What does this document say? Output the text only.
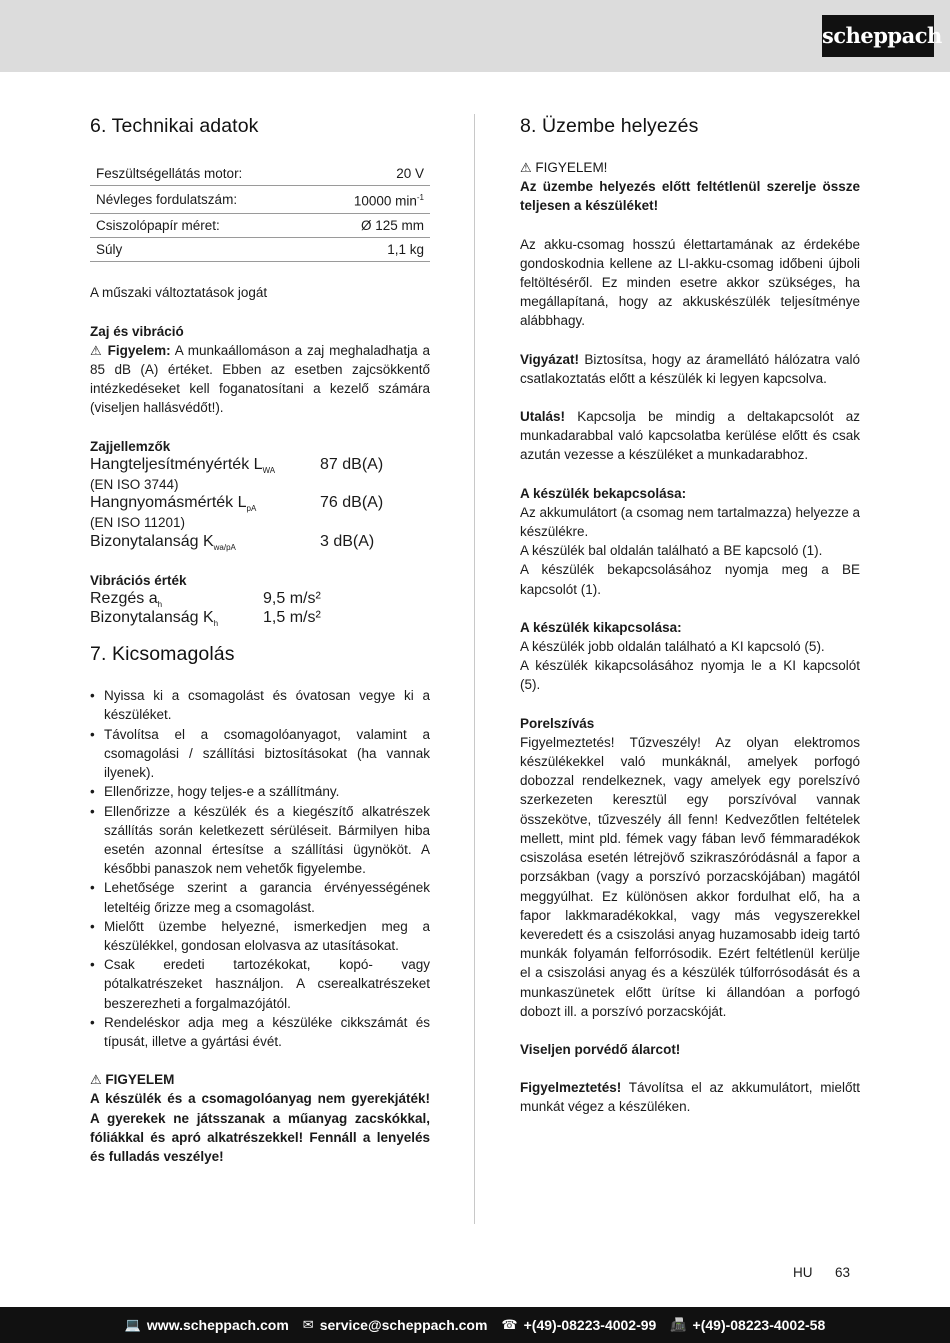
scheppach
6. Technikai adatok
Feszültségellátás motor:	20 V
Névleges fordulatszám:	10000 $\min^{-1}$
Csiszolópapír méret:	Ø 125 mm
Súly	1,1 kg

A műszaki változtatások jogát

Zaj és vibráció

⚠ Figyelem: A munkaállomáson a zaj meghaladhatja a 85 dB (A) értéket. Ebben az esetben zajcsökkentő intézkedéseket kell foganatosítani a kezelő számára (viseljen hallásvédőt!).

Zajjellemzők

Hangteljesítményérték $L_{WA}$	87 dB(A)

(EN ISO 3744)

Hangnyomásmérték $L_{pA}$	76 dB(A)

(EN ISO 11201)

Bizonytalanság $K_{wa/pA}$	3 dB(A)

Vibrációs érték

Rezgés $a_h$	9,5 m/s²
Bizonytalanság $K_h$	1,5 m/s²
7. Kicsomagolás
• Nyissa ki a csomagolást és óvatosan vegye ki a készüléket.
• Távolítsa el a csomagolóanyagot, valamint a csomagolási / szállítási biztosításokat (ha vannak ilyenek).
• Ellenőrizze, hogy teljes-e a szállítmány.
• Ellenőrizze a készülék és a kiegészítő alkatrészek szállítás során keletkezett sérüléseit. Bármilyen hiba esetén azonnal értesítse a szállítási ügynököt. A későbbi panaszok nem vehetők figyelembe.
• Lehetősége szerint a garancia érvényességének leteltéig őrizze meg a csomagolást.
• Mielőtt üzembe helyezné, ismerkedjen meg a készülékkel, gondosan elolvasva az utasításokat.
• Csak eredeti tartozékokat, kopó- vagy pótalkatrészeket használjon. A cserealkatrészeket beszerezheti a forgalmazójától.
• Rendeléskor adja meg a készüléke cikkszámát és típusát, illetve a gyártási évét.

⚠ FIGYELEM

A készülék és a csomagolóanyag nem gyerekjáték! A gyerekek ne játsszanak a műanyag zacskókkal, fóliákkal és apró alkatrészekkel! Fennáll a lenyelés és fulladás veszélye!

8. Üzembe helyezés

⚠ FIGYELEM!

Az üzembe helyezés előtt feltétlenül szerelje össze teljesen a készüléket!

Az akku-csomag hosszú élettartamának az érdekébe gondoskodnia kellene az LI-akku-csomag időbeni újboli feltöltéséről. Ez minden esetre akkor szükséges, ha megállapítaná, hogy az akkuskészülék teljesítménye alábbhagy.

Vigyázat! Biztosítsa, hogy az áramellátó hálózatra való csatlakoztatás előtt a készülék ki legyen kapcsolva.

Utalás! Kapcsolja be mindig a deltakapcsolót az munkadarabbal való kapcsolatba kerülése előtt és csak azután vezesse a készüléket a munkadarabhoz.

A készülék bekapcsolása:

Az akkumulátort (a csomag nem tartalmazza) helyezze a készülékre.

A készülék bal oldalán található a BE kapcsoló (1).

A készülék bekapcsolásához nyomja meg a BE kapcsolót (1).

A készülék kikapcsolása:

A készülék jobb oldalán található a KI kapcsoló (5).

A készülék kikapcsolásához nyomja le a KI kapcsolót (5).

Porelszívás

Figyelmeztetés! Tűzveszély! Az olyan elektromos készülékekkel való munkáknál, amelyek porfogó dobozzal rendelkeznek, vagy amelyek egy porelszívó szerkezeten keresztül egy porszívóval vannak összekötve, tűzveszély áll fenn! Kedvezőtlen feltételek mellett, mint pld. fémek vagy fában levő fémmaradékok csiszolása esetén létrejövő szikraszóródásnál a fapor a porzsákban (vagy a porszívó porzacskójában) magától meggyúlhat. Ez különösen akkor fordulhat elő, ha a fapor lakkmaradékokkal, vagy más vegyszerekkel keveredett és a csiszolási anyag huzamosabb ideig tartó munkák folyamán felforrósodik. Ezért feltétlenül kerülje el a csiszolási anyag és a készülék túlforrósodását és a munkaszünetek előtt ürítse ki állandóan a porfogó dobozt ill. a porszívó porzacskóját.

Viseljen porvédő álarcot!

Figyelmeztetés! Távolítsa el az akkumulátort, mielőtt munkát végez a készüléken.

HU 63
💻 www.scheppach.com ✉ service@scheppach.com ☎ +(49)-08223-4002-99 📠 +(49)-08223-4002-58
